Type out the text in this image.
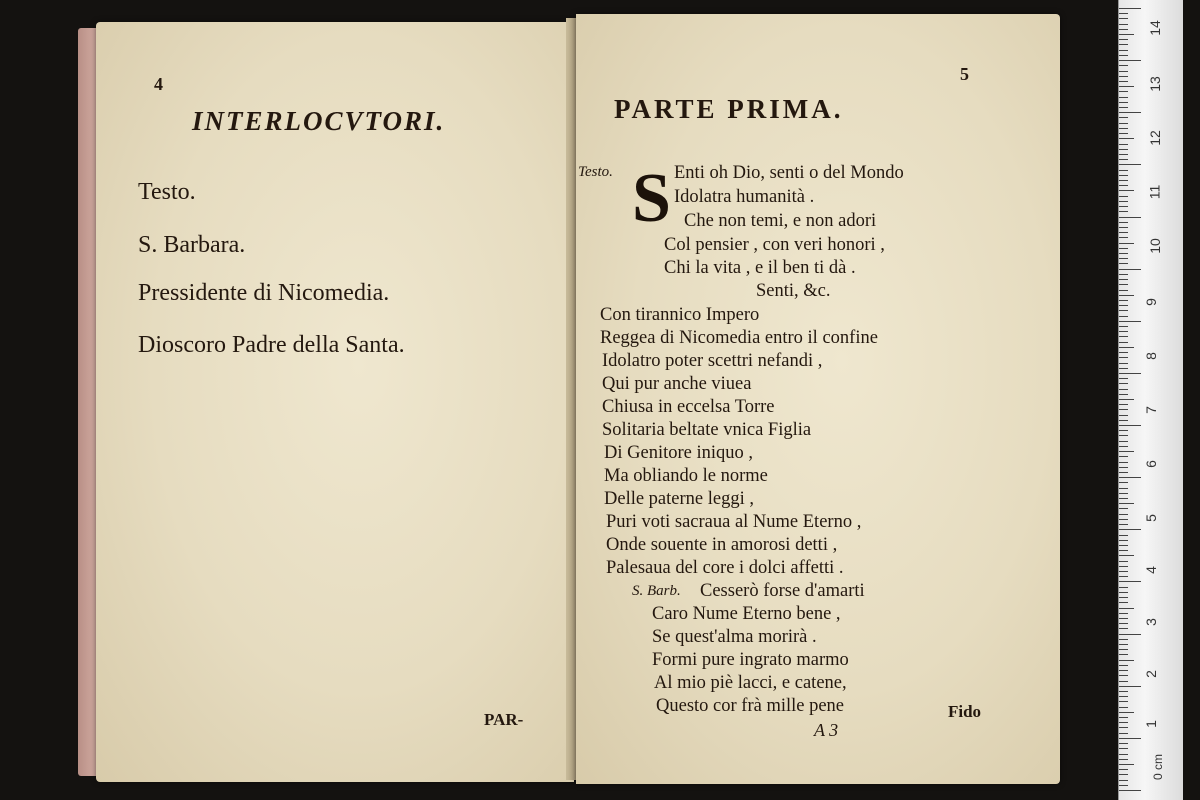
4
INTERLOCVTORI.
Testo.
S. Barbara.
Pressidente di Nicomedia.
Dioscoro Padre della Santa.
PAR-
5
PARTE PRIMA.
Testo. S Enti oh Dio, senti o del Mondo
Idolatra humanità .
Che non temi, e non adori
Col pensier , con veri honori ,
Chi la vita , e il ben ti dà .
Senti, &c.
Con tirannico Impero
Reggea di Nicomedia entro il confine
Idolatro poter scettri nefandi ,
Qui pur anche viuea
Chiusa in eccelsa Torre
Solitaria beltate vnica Figlia
Di Genitore iniquo ,
Ma obliando le norme
Delle paterne leggi ,
Puri voti sacraua al Nume Eterno ,
Onde souente in amorosi detti ,
Palesaua del core i dolci affetti .
S. Barb. Cesserò forse d'amarti
Caro Nume Eterno bene ,
Se quest'alma morirà .
Formi pure ingrato marmo
Al mio piè lacci, e catene,
Questo cor frà mille pene
A 3
Fido
14
13
12
11
10
9
8
7
6
5
4
3
2
1
0 cm
